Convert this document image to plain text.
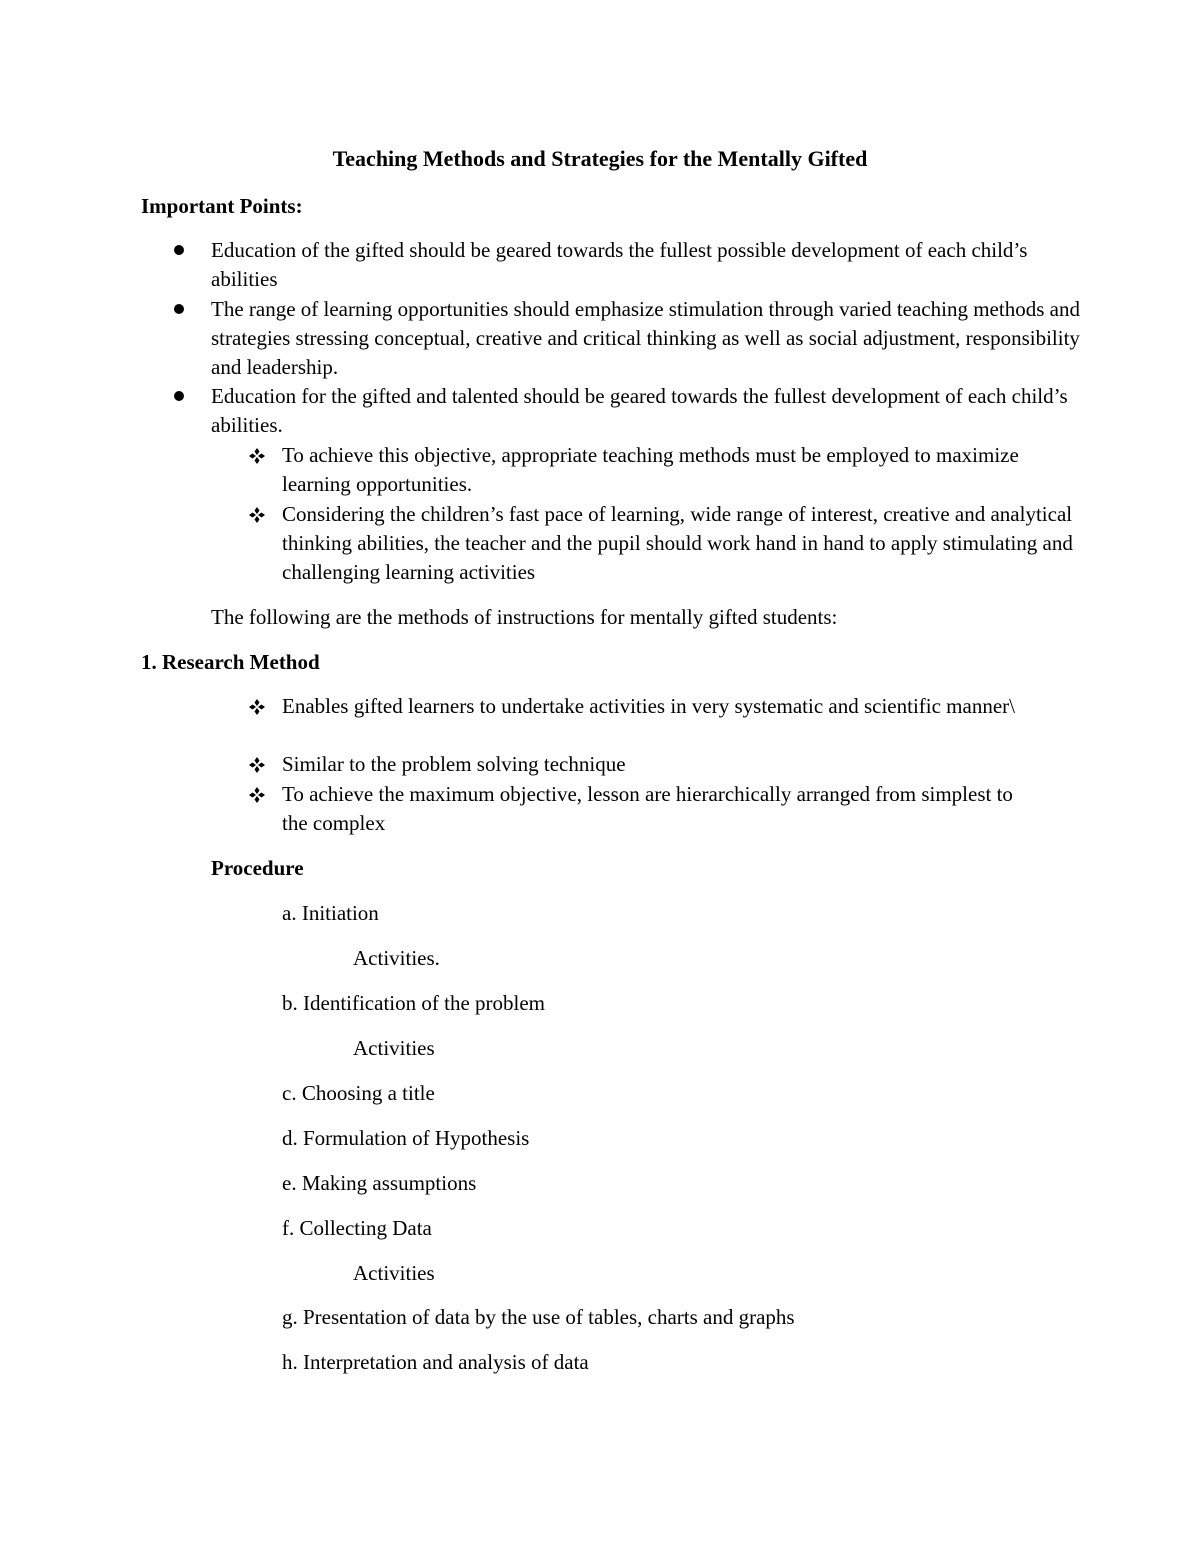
Teaching Methods and Strategies for the Mentally Gifted
Important Points:
Education of the gifted should be geared towards the fullest possible development of each child’s abilities
The range of learning opportunities should emphasize stimulation through varied teaching methods and strategies stressing conceptual, creative and critical thinking as well as social adjustment, responsibility and leadership.
Education for the gifted and talented should be geared towards the fullest development of each child’s abilities.
To achieve this objective, appropriate teaching methods must be employed to maximize learning opportunities.
Considering the children’s fast pace of learning, wide range of interest, creative and analytical thinking abilities, the teacher and the pupil should work hand in hand to apply stimulating and challenging learning activities
The following are the methods of instructions for mentally gifted students:
1. Research Method
Enables gifted learners to undertake activities in very systematic and scientific manner\
Similar to the problem solving technique
To achieve the maximum objective, lesson are hierarchically arranged from simplest to the complex
Procedure
a. Initiation
Activities.
b. Identification of the problem
Activities
c. Choosing a title
d. Formulation of Hypothesis
e. Making assumptions
f. Collecting Data
Activities
g. Presentation of data by the use of tables, charts and graphs
h. Interpretation and analysis of data
